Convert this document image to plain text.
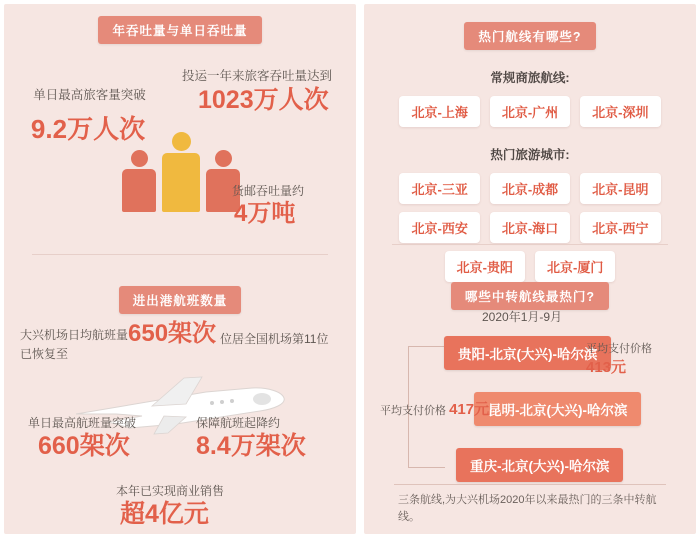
年吞吐量与单日吞吐量
投运一年来旅客吞吐量达到
1023万人次
单日最高旅客量突破
9.2万人次
货邮吞吐量约
4万吨
进出港航班数量
大兴机场日均航班量已恢复至
650架次 位居全国机场第11位
单日最高航班量突破
660架次
保障航班起降约
8.4万架次
本年已实现商业销售
超4亿元
热门航线有哪些?
常规商旅航线:
北京-上海	北京-广州	北京-深圳
热门旅游城市:
北京-三亚	北京-成都	北京-昆明
北京-西安	北京-海口	北京-西宁
北京-贵阳	北京-厦门
哪些中转航线最热门?
2020年1月-9月
贵阳-北京(大兴)-哈尔滨
平均支付价格
413元
昆明-北京(大兴)-哈尔滨
平均支付价格 417元
重庆-北京(大兴)-哈尔滨
三条航线,为大兴机场2020年以来最热门的三条中转航线。
